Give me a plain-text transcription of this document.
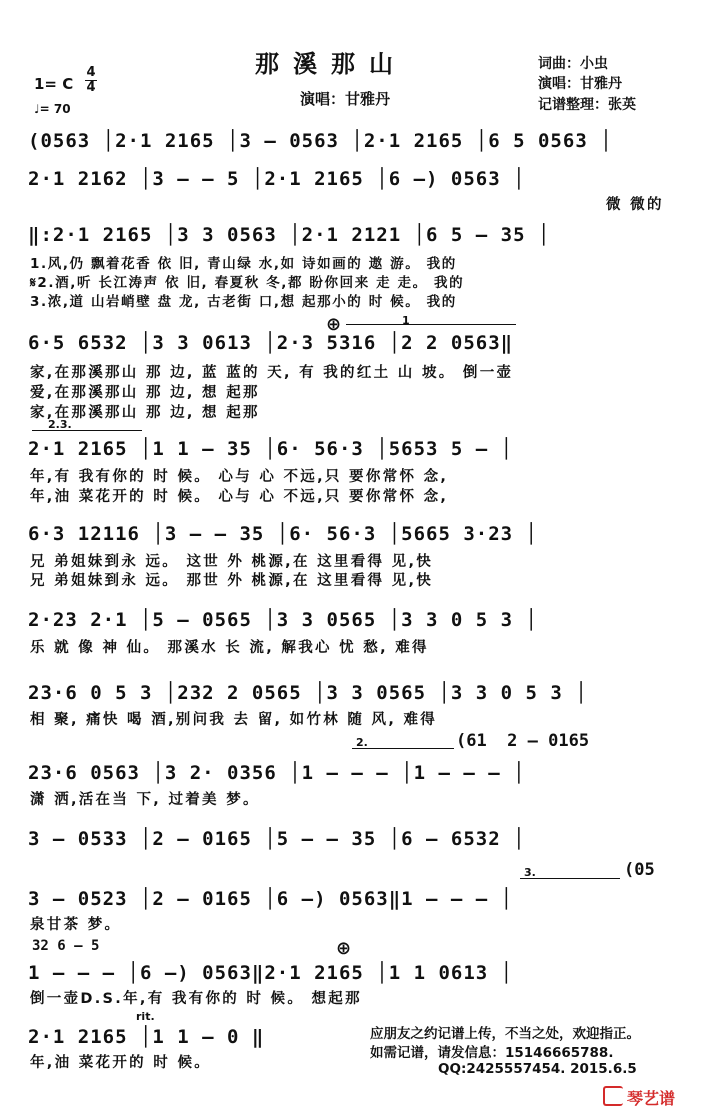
那溪那山
演唱：甘雅丹
词曲：小虫
演唱：甘雅丹
记谱整理：张英
1= C
4
4
♩= 70
(0563 │2·1 2165 │3 — 0563 │2·1 2165 │6 5 0563 │
2·1 2162 │3 — — 5 │2·1 2165 │6 —) 0563 │
微 微的
‖:2·1 2165 │3 3 0563 │2·1 2121 │6 5 — 35 │
1.风,仍 飘着花香 依 旧, 青山绿 水,如 诗如画的 遨 游。 我的
𝄋2.酒,听 长江涛声 依 旧, 春夏秋 冬,都 盼你回来 走 走。 我的
3.浓,道 山岩峭壁 盘 龙, 古老街 口,想 起那小的 时 候。 我的
⊕	1
6·5 6532 │3 3 0613 │2·3 5316 │2 2 0563‖
家,在那溪那山 那 边, 蓝 蓝的 天, 有 我的红土 山 坡。 倒一壶
爱,在那溪那山 那 边, 想 起那
家,在那溪那山 那 边, 想 起那
2.3.
2·1 2165 │1 1 — 35 │6· 56·3 │5653 5 — │
年,有 我有你的 时 候。 心与 心 不远,只 要你常怀 念,
年,油 菜花开的 时 候。 心与 心 不远,只 要你常怀 念,
6·3 12116 │3 — — 35 │6· 56·3 │5665 3·23 │
兄 弟姐妹到永 远。 这世 外 桃源,在 这里看得 见,快
兄 弟姐妹到永 远。 那世 外 桃源,在 这里看得 见,快
2·23 2·1 │5 — 0565 │3 3 0565 │3 3 0 5 3 │
乐 就 像 神 仙。 那溪水 长 流, 解我心 忧 愁, 难得
23·6 0 5 3 │232 2 0565 │3 3 0565 │3 3 0 5 3 │
相 聚, 痛快 喝 酒,别问我 去 留, 如竹林 随 风, 难得
2.	(61  2 — 0165
23·6 0563 │3 2· 0356 │1 — — — │1 — — — │
潇 洒,活在当 下, 过着美 梦。
3 — 0533 │2 — 0165 │5 — — 35 │6 — 6532 │
3.	(05
3 — 0523 │2 — 0165 │6 —) 0563‖1 — — — │
泉甘茶 梦。
32 6 — 5	⊕
1 — — — │6 —) 0563‖2·1 2165 │1 1 0613 │
倒一壶D.S.年,有 我有你的 时 候。 想起那
rit.
2·1 2165 │1 1 — 0 ‖
年,油 菜花开的 时 候。
应朋友之约记谱上传，不当之处，欢迎指正。
如需记谱，请发信息：15146665788.
QQ:2425557454. 2015.6.5
琴艺谱
